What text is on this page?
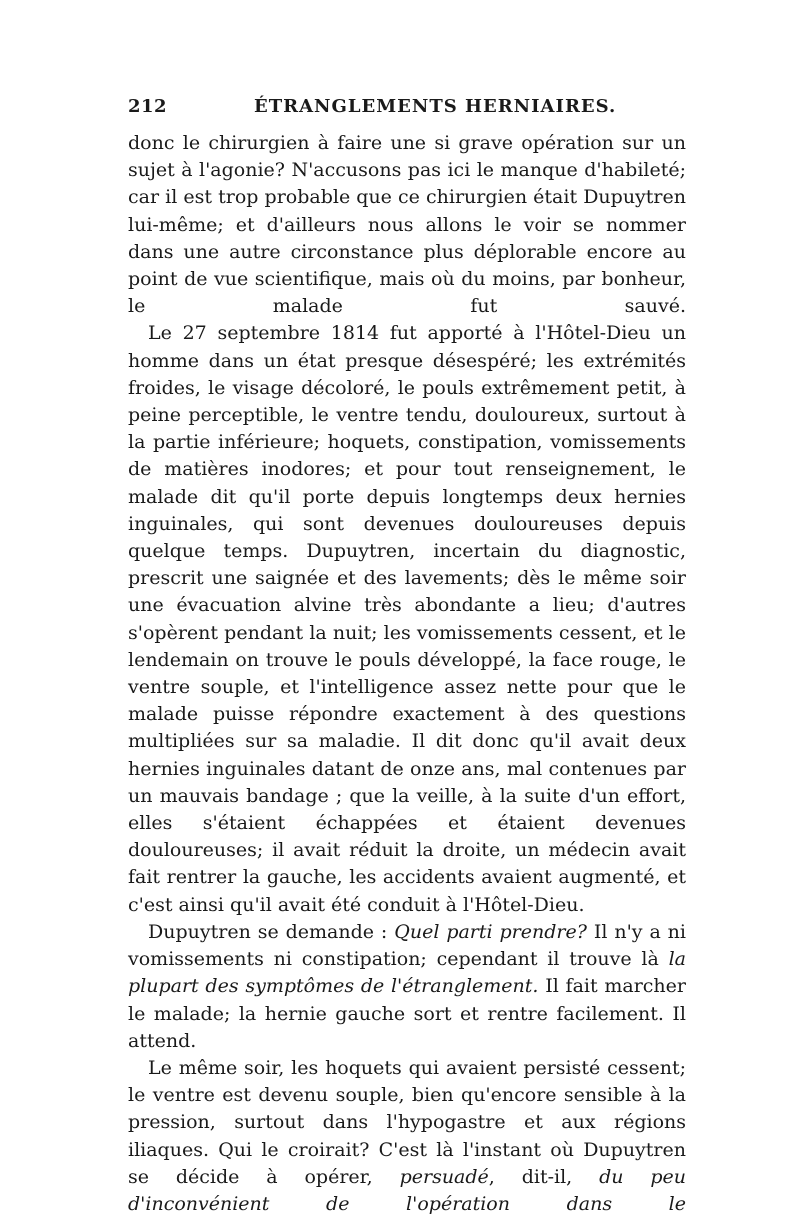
212	ÉTRANGLEMENTS HERNIAIRES.

donc le chirurgien à faire une si grave opération sur un sujet à l'agonie? N'accusons pas ici le manque d'habileté; car il est trop probable que ce chirurgien était Dupuytren lui-même; et d'ailleurs nous allons le voir se nommer dans une autre circonstance plus déplorable encore au point de vue scientifique, mais où du moins, par bonheur, le malade fut sauvé.

Le 27 septembre 1814 fut apporté à l'Hôtel-Dieu un homme dans un état presque désespéré; les extrémités froides, le visage décoloré, le pouls extrêmement petit, à peine perceptible, le ventre tendu, douloureux, surtout à la partie inférieure; hoquets, constipation, vomissements de matières inodores; et pour tout renseignement, le malade dit qu'il porte depuis longtemps deux hernies inguinales, qui sont devenues douloureuses depuis quelque temps. Dupuytren, incertain du diagnostic, prescrit une saignée et des lavements; dès le même soir une évacuation alvine très abondante a lieu; d'autres s'opèrent pendant la nuit; les vomissements cessent, et le lendemain on trouve le pouls développé, la face rouge, le ventre souple, et l'intelligence assez nette pour que le malade puisse répondre exactement à des questions multipliées sur sa maladie. Il dit donc qu'il avait deux hernies inguinales datant de onze ans, mal contenues par un mauvais bandage ; que la veille, à la suite d'un effort, elles s'étaient échappées et étaient devenues douloureuses; il avait réduit la droite, un médecin avait fait rentrer la gauche, les accidents avaient augmenté, et c'est ainsi qu'il avait été conduit à l'Hôtel-Dieu.

Dupuytren se demande : Quel parti prendre? Il n'y a ni vomissements ni constipation; cependant il trouve là la plupart des symptômes de l'étranglement. Il fait marcher le malade; la hernie gauche sort et rentre facilement. Il attend.

Le même soir, les hoquets qui avaient persisté cessent; le ventre est devenu souple, bien qu'encore sensible à la pression, surtout dans l'hypogastre et aux régions iliaques. Qui le croirait? C'est là l'instant où Dupuytren se décide à opérer, persuadé, dit-il, du peu d'inconvénient de l'opération dans le
